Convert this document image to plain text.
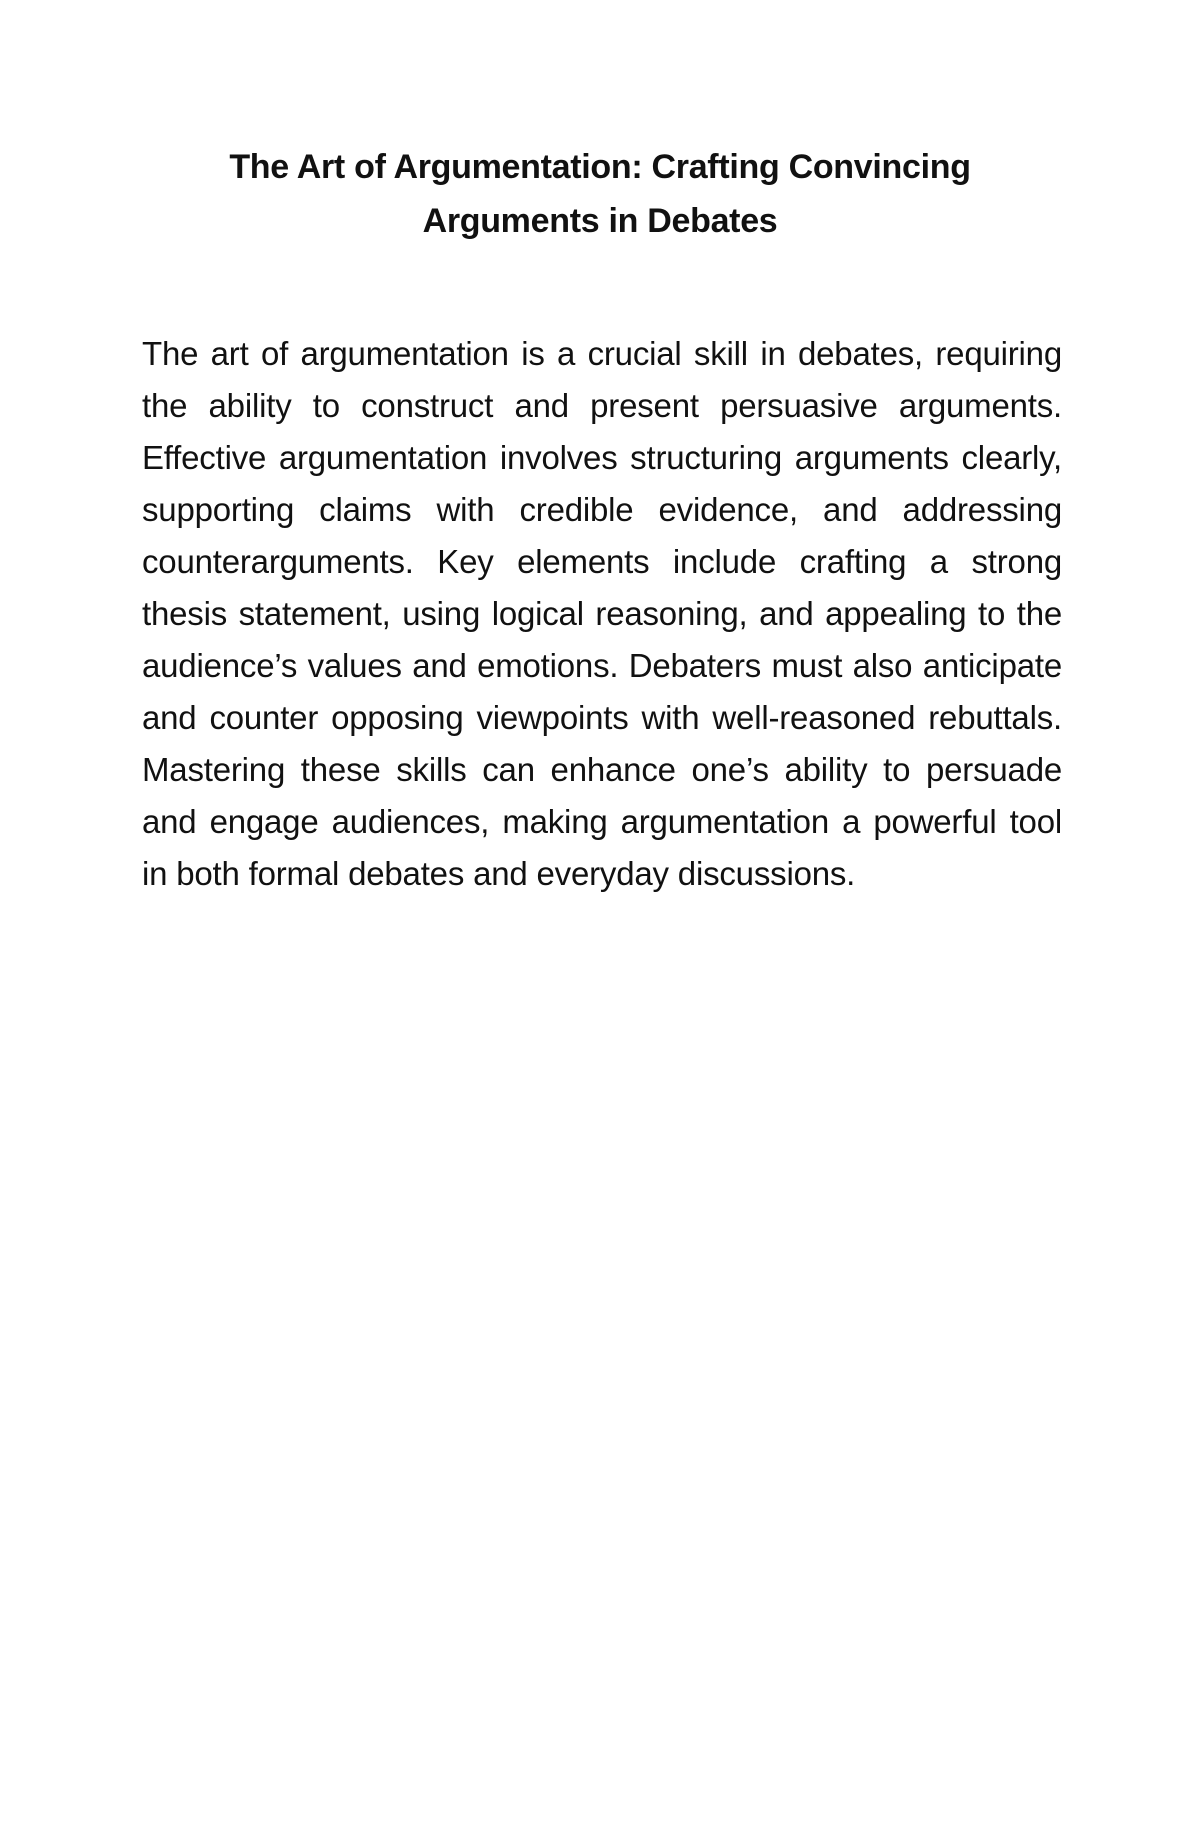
The Art of Argumentation: Crafting Convincing Arguments in Debates

The art of argumentation is a crucial skill in debates, requiring the ability to construct and present persuasive arguments. Effective argumentation involves structuring arguments clearly, supporting claims with credible evidence, and addressing counterarguments. Key elements include crafting a strong thesis statement, using logical reasoning, and appealing to the audience’s values and emotions. Debaters must also anticipate and counter opposing viewpoints with well-reasoned rebuttals. Mastering these skills can enhance one’s ability to persuade and engage audiences, making argumentation a powerful tool in both formal debates and everyday discussions.
